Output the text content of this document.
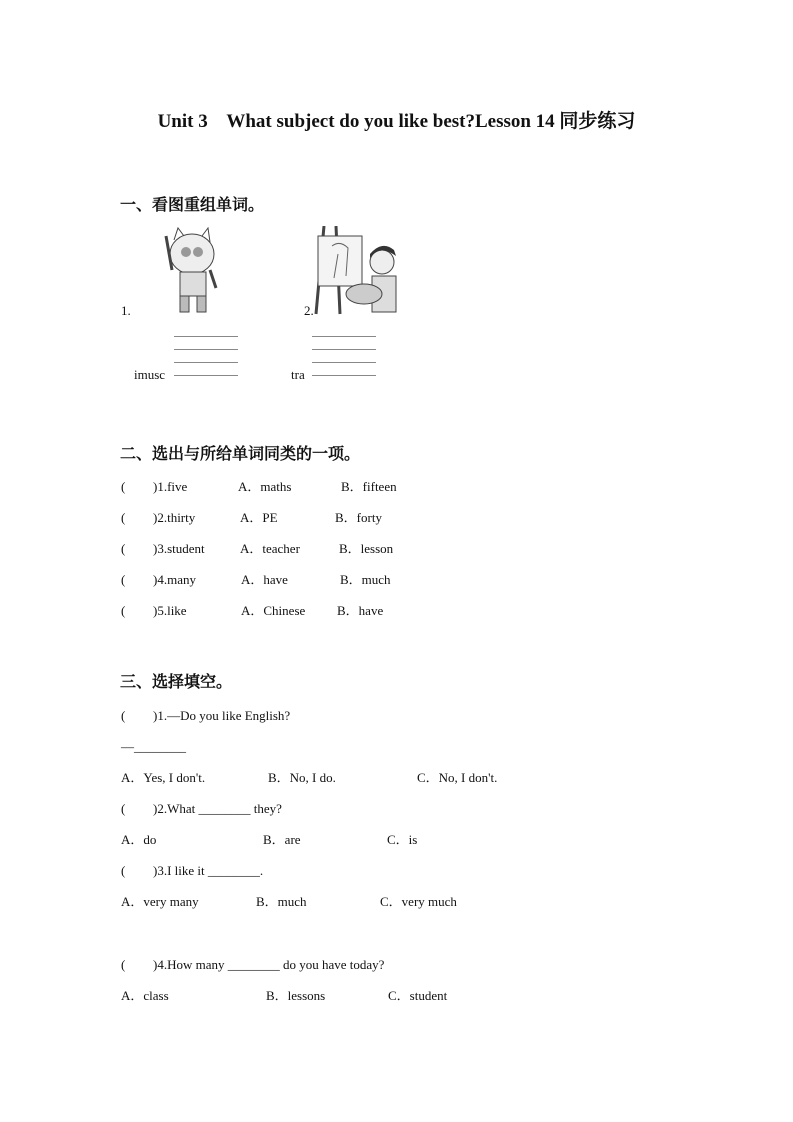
Unit 3    What subject do you like best?Lesson 14 同步练习
一、看图重组单词。
1.	2.
imusc	tra
二、选出与所给单词同类的一项。
( )1.five	A．maths	B．fifteen
( )2.thirty	A．PE	B．forty
( )3.student	A．teacher	B．lesson
( )4.many	A．have	B．much
( )5.like	A．Chinese B．have
三、选择填空。
( )1.—Do you like English?
—________
A．Yes, I don't.	B．No, I do.	C．No, I don't.
( )2.What ________ they?
A．do	B．are	C．is
( )3.I like it ________.
A．very many	B．much	C．very much
( )4.How many ________ do you have today?
A．class	B．lessons	C．student
